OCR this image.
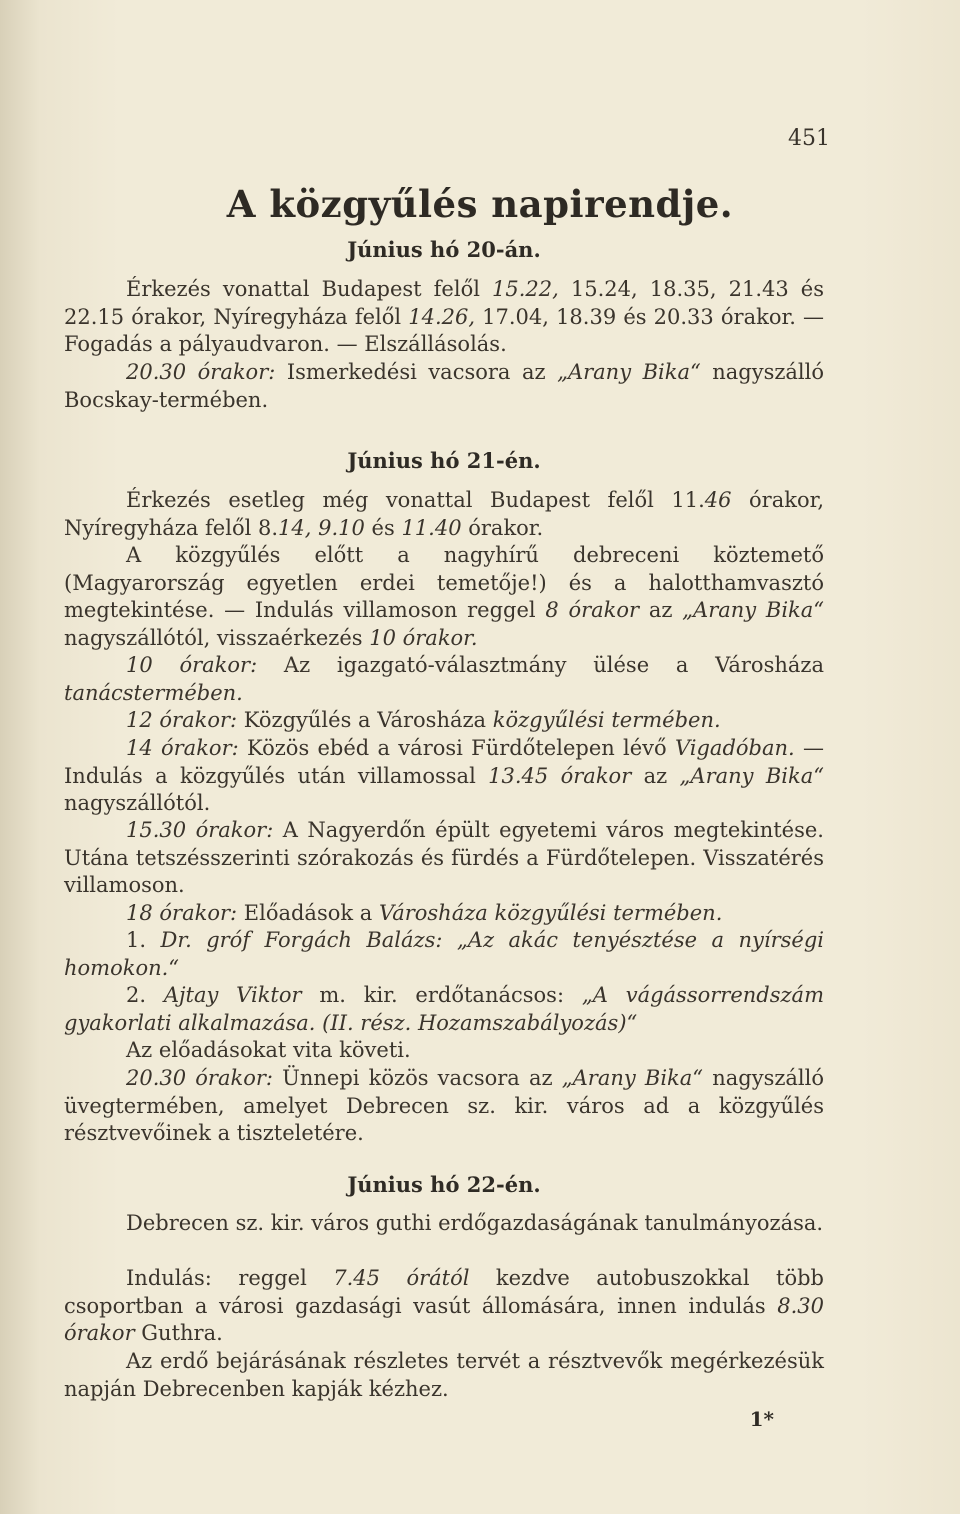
451
A közgyűlés napirendje.
Június hó 20-án.
Érkezés vonattal Budapest felől 15.22, 15.24, 18.35, 21.43 és 22.15 órakor, Nyíregyháza felől 14.26, 17.04, 18.39 és 20.33 órakor. — Fogadás a pályaudvaron. — Elszállásolás.
20.30 órakor: Ismerkedési vacsora az „Arany Bika“ nagyszálló Bocskay-termében.
Június hó 21-én.
Érkezés esetleg még vonattal Budapest felől 11.46 órakor, Nyíregyháza felől 8.14, 9.10 és 11.40 órakor.
A közgyűlés előtt a nagyhírű debreceni köztemető (Magyarország egyetlen erdei temetője!) és a halotthamvasztó megtekintése. — Indulás villamoson reggel 8 órakor az „Arany Bika“ nagyszállótól, visszaérkezés 10 órakor.
10 órakor: Az igazgató-választmány ülése a Városháza tanácstermében.
12 órakor: Közgyűlés a Városháza közgyűlési termében.
14 órakor: Közös ebéd a városi Fürdőtelepen lévő Vigadóban. — Indulás a közgyűlés után villamossal 13.45 órakor az „Arany Bika“ nagyszállótól.
15.30 órakor: A Nagyerdőn épült egyetemi város megtekintése. Utána tetszésszerinti szórakozás és fürdés a Fürdőtelepen. Visszatérés villamoson.
18 órakor: Előadások a Városháza közgyűlési termében.
1. Dr. gróf Forgách Balázs: „Az akác tenyésztése a nyírségi homokon.“
2. Ajtay Viktor m. kir. erdőtanácsos: „A vágássorrendszám gyakorlati alkalmazása. (II. rész. Hozamszabályozás)“
Az előadásokat vita követi.
20.30 órakor: Ünnepi közös vacsora az „Arany Bika“ nagyszálló üvegtermében, amelyet Debrecen sz. kir. város ad a közgyűlés résztvevőinek a tiszteletére.
Június hó 22-én.
Debrecen sz. kir. város guthi erdőgazdaságának tanulmányozása.
Indulás: reggel 7.45 órától kezdve autobuszokkal több csoportban a városi gazdasági vasút állomására, innen indulás 8.30 órakor Guthra.
Az erdő bejárásának részletes tervét a résztvevők megérkezésük napján Debrecenben kapják kézhez.
1*
